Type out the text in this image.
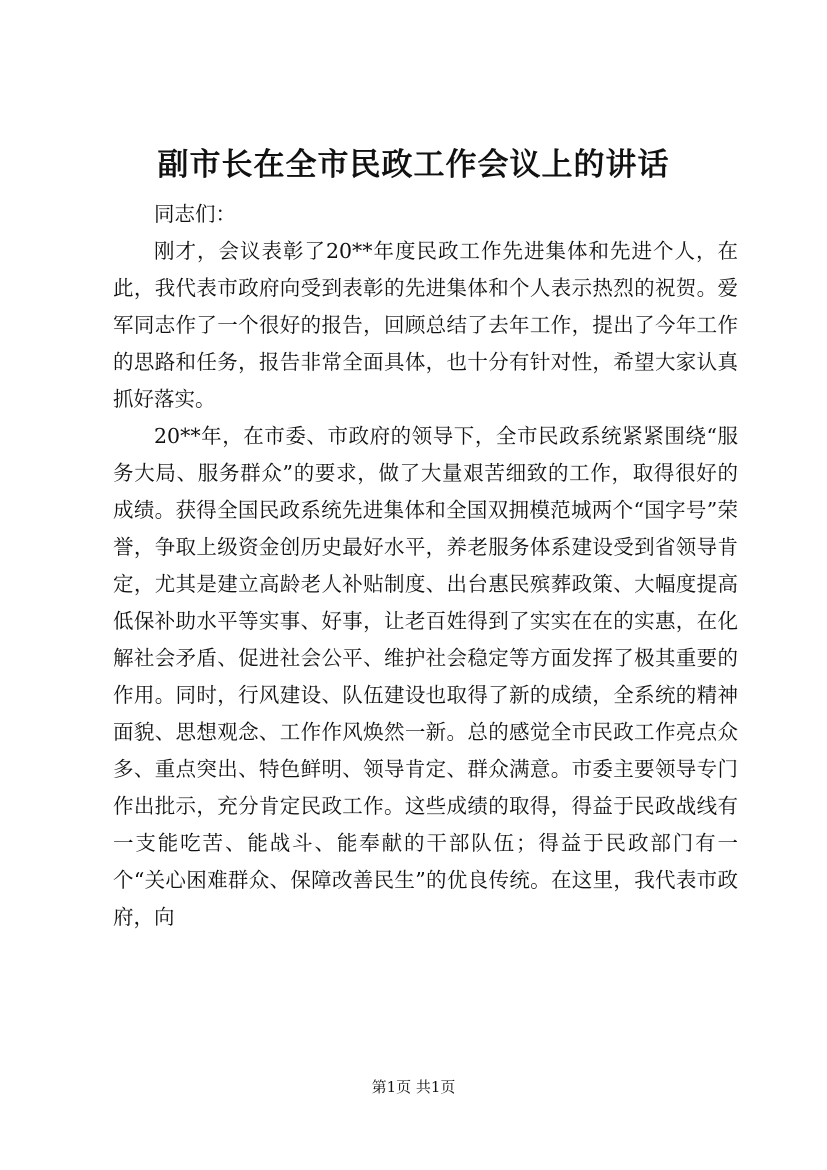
副市长在全市民政工作会议上的讲话

同志们：

刚才，会议表彰了20**年度民政工作先进集体和先进个人，在此，我代表市政府向受到表彰的先进集体和个人表示热烈的祝贺。爱军同志作了一个很好的报告，回顾总结了去年工作，提出了今年工作的思路和任务，报告非常全面具体，也十分有针对性，希望大家认真抓好落实。

20**年，在市委、市政府的领导下，全市民政系统紧紧围绕“服务大局、服务群众”的要求，做了大量艰苦细致的工作，取得很好的成绩。获得全国民政系统先进集体和全国双拥模范城两个“国字号”荣誉，争取上级资金创历史最好水平，养老服务体系建设受到省领导肯定，尤其是建立高龄老人补贴制度、出台惠民殡葬政策、大幅度提高低保补助水平等实事、好事，让老百姓得到了实实在在的实惠，在化解社会矛盾、促进社会公平、维护社会稳定等方面发挥了极其重要的作用。同时，行风建设、队伍建设也取得了新的成绩，全系统的精神面貌、思想观念、工作作风焕然一新。总的感觉全市民政工作亮点众多、重点突出、特色鲜明、领导肯定、群众满意。市委主要领导专门作出批示，充分肯定民政工作。这些成绩的取得，得益于民政战线有一支能吃苦、能战斗、能奉献的干部队伍；得益于民政部门有一个“关心困难群众、保障改善民生”的优良传统。在这里，我代表市政府，向

第1页 共1页
